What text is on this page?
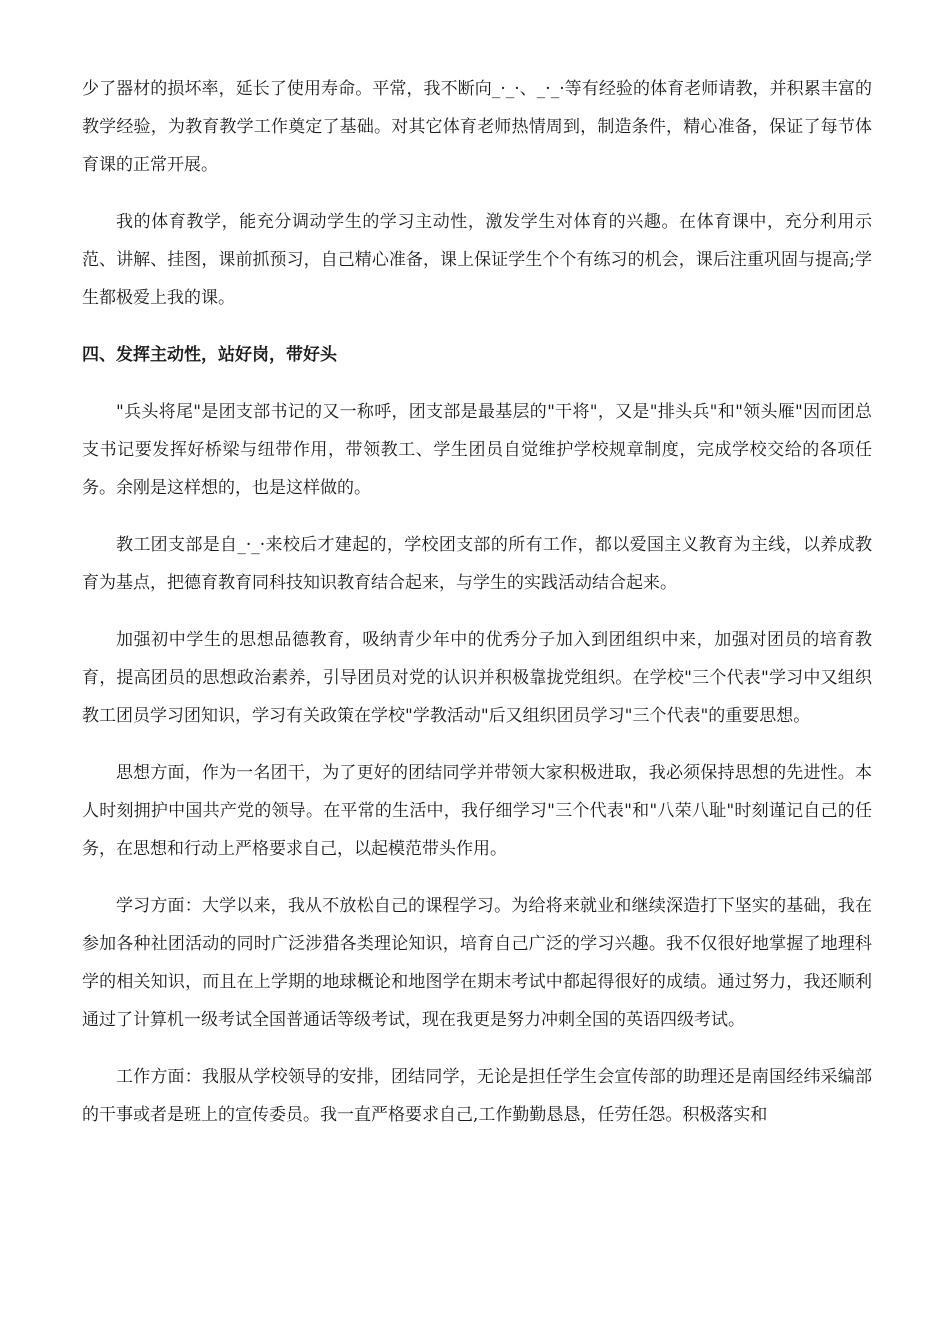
少了器材的损坏率，延长了使用寿命。平常，我不断向_·_·、_·_·等有经验的体育老师请教，并积累丰富的教学经验，为教育教学工作奠定了基础。对其它体育老师热情周到，制造条件，精心准备，保证了每节体育课的正常开展。

我的体育教学，能充分调动学生的学习主动性，激发学生对体育的兴趣。在体育课中，充分利用示范、讲解、挂图，课前抓预习，自己精心准备，课上保证学生个个有练习的机会，课后注重巩固与提高;学生都极爱上我的课。

四、发挥主动性，站好岗，带好头

"兵头将尾"是团支部书记的又一称呼，团支部是最基层的"干将"，又是"排头兵"和"领头雁"因而团总支书记要发挥好桥梁与纽带作用，带领教工、学生团员自觉维护学校规章制度，完成学校交给的各项任务。余刚是这样想的，也是这样做的。

教工团支部是自_·_·来校后才建起的，学校团支部的所有工作，都以爱国主义教育为主线，以养成教育为基点，把德育教育同科技知识教育结合起来，与学生的实践活动结合起来。

加强初中学生的思想品德教育，吸纳青少年中的优秀分子加入到团组织中来，加强对团员的培育教育，提高团员的思想政治素养，引导团员对党的认识并积极靠拢党组织。在学校"三个代表"学习中又组织教工团员学习团知识，学习有关政策在学校"学教活动"后又组织团员学习"三个代表"的重要思想。

思想方面，作为一名团干，为了更好的团结同学并带领大家积极进取，我必须保持思想的先进性。本人时刻拥护中国共产党的领导。在平常的生活中，我仔细学习"三个代表"和"八荣八耻"时刻谨记自己的任务，在思想和行动上严格要求自己，以起模范带头作用。

学习方面：大学以来，我从不放松自己的课程学习。为给将来就业和继续深造打下坚实的基础，我在参加各种社团活动的同时广泛涉猎各类理论知识，培育自己广泛的学习兴趣。我不仅很好地掌握了地理科学的相关知识，而且在上学期的地球概论和地图学在期末考试中都起得很好的成绩。通过努力，我还顺利通过了计算机一级考试全国普通话等级考试，现在我更是努力冲刺全国的英语四级考试。

工作方面：我服从学校领导的安排，团结同学，无论是担任学生会宣传部的助理还是南国经纬采编部的干事或者是班上的宣传委员。我一直严格要求自己,工作勤勤恳恳，任劳任怨。积极落实和
